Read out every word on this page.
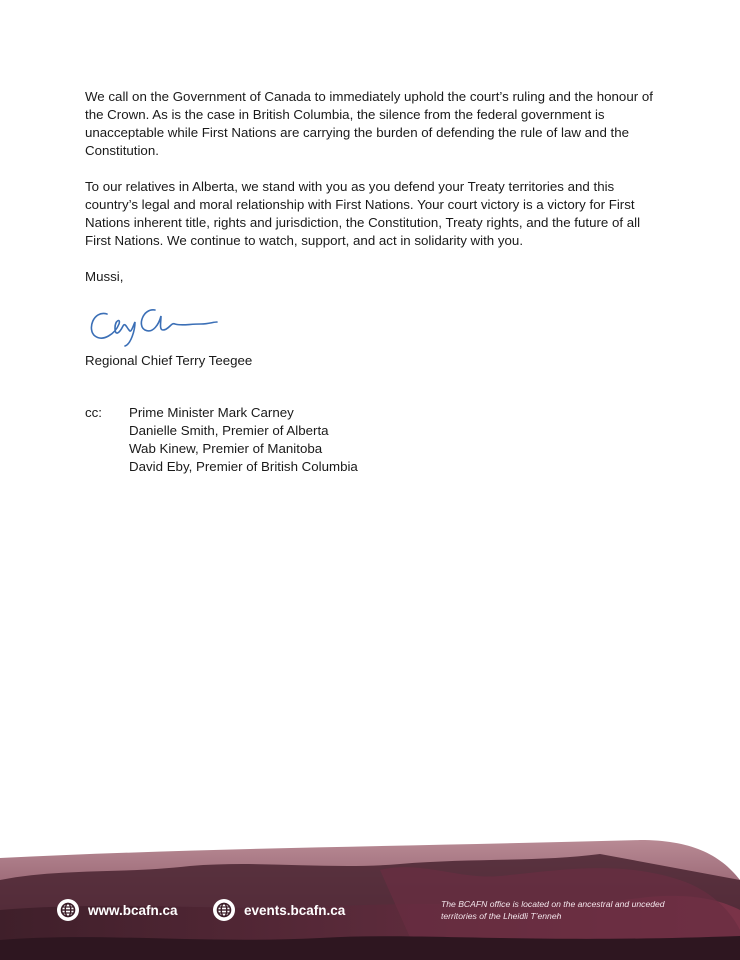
We call on the Government of Canada to immediately uphold the court’s ruling and the honour of the Crown. As is the case in British Columbia, the silence from the federal government is unacceptable while First Nations are carrying the burden of defending the rule of law and the Constitution.

To our relatives in Alberta, we stand with you as you defend your Treaty territories and this country’s legal and moral relationship with First Nations. Your court victory is a victory for First Nations inherent title, rights and jurisdiction, the Constitution, Treaty rights, and the future of all First Nations. We continue to watch, support, and act in solidarity with you.

Mussi,

Regional Chief Terry Teegee
cc:	Prime Minister Mark Carney
Danielle Smith, Premier of Alberta
Wab Kinew, Premier of Manitoba
David Eby, Premier of British Columbia
www.bcafn.ca	events.bcafn.ca	The BCAFN office is located on the ancestral and unceded territories of the Lheidli T’enneh
